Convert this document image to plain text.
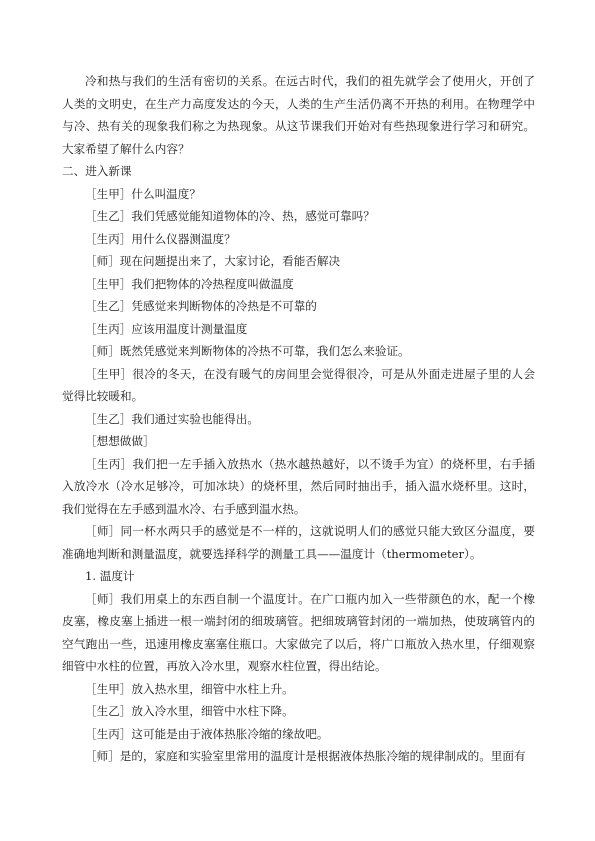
冷和热与我们的生活有密切的关系。在远古时代，我们的祖先就学会了使用火，开创了人类的文明史，在生产力高度发达的今天，人类的生产生活仍离不开热的利用。在物理学中与冷、热有关的现象我们称之为热现象。从这节课我们开始对有些热现象进行学习和研究。大家希望了解什么内容？

二、进入新课

［生甲］什么叫温度？

［生乙］我们凭感觉能知道物体的冷、热，感觉可靠吗？

［生丙］用什么仪器测温度？

［师］现在问题提出来了，大家讨论，看能否解决

［生甲］我们把物体的冷热程度叫做温度

［生乙］凭感觉来判断物体的冷热是不可靠的

［生丙］应该用温度计测量温度

［师］既然凭感觉来判断物体的冷热不可靠，我们怎么来验证。

［生甲］很冷的冬天，在没有暖气的房间里会觉得很冷，可是从外面走进屋子里的人会觉得比较暖和。

［生乙］我们通过实验也能得出。

［想想做做］

［生丙］我们把一左手插入放热水（热水越热越好，以不烫手为宜）的烧杯里，右手插入放冷水（冷水足够冷，可加冰块）的烧杯里，然后同时抽出手，插入温水烧杯里。这时，我们觉得在左手感到温水冷、右手感到温水热。

［师］同一杯水两只手的感觉是不一样的，这就说明人们的感觉只能大致区分温度，要准确地判断和测量温度，就要选择科学的测量工具——温度计（thermometer）。

1. 温度计

［师］我们用桌上的东西自制一个温度计。在广口瓶内加入一些带颜色的水，配一个橡皮塞，橡皮塞上插进一根一端封闭的细玻璃管。把细玻璃管封闭的一端加热，使玻璃管内的空气跑出一些，迅速用橡皮塞塞住瓶口。大家做完了以后，将广口瓶放入热水里，仔细观察细管中水柱的位置，再放入冷水里，观察水柱位置，得出结论。

［生甲］放入热水里，细管中水柱上升。

［生乙］放入冷水里，细管中水柱下降。

［生丙］这可能是由于液体热胀冷缩的缘故吧。

［师］是的，家庭和实验室里常用的温度计是根据液体热胀冷缩的规律制成的。里面有
